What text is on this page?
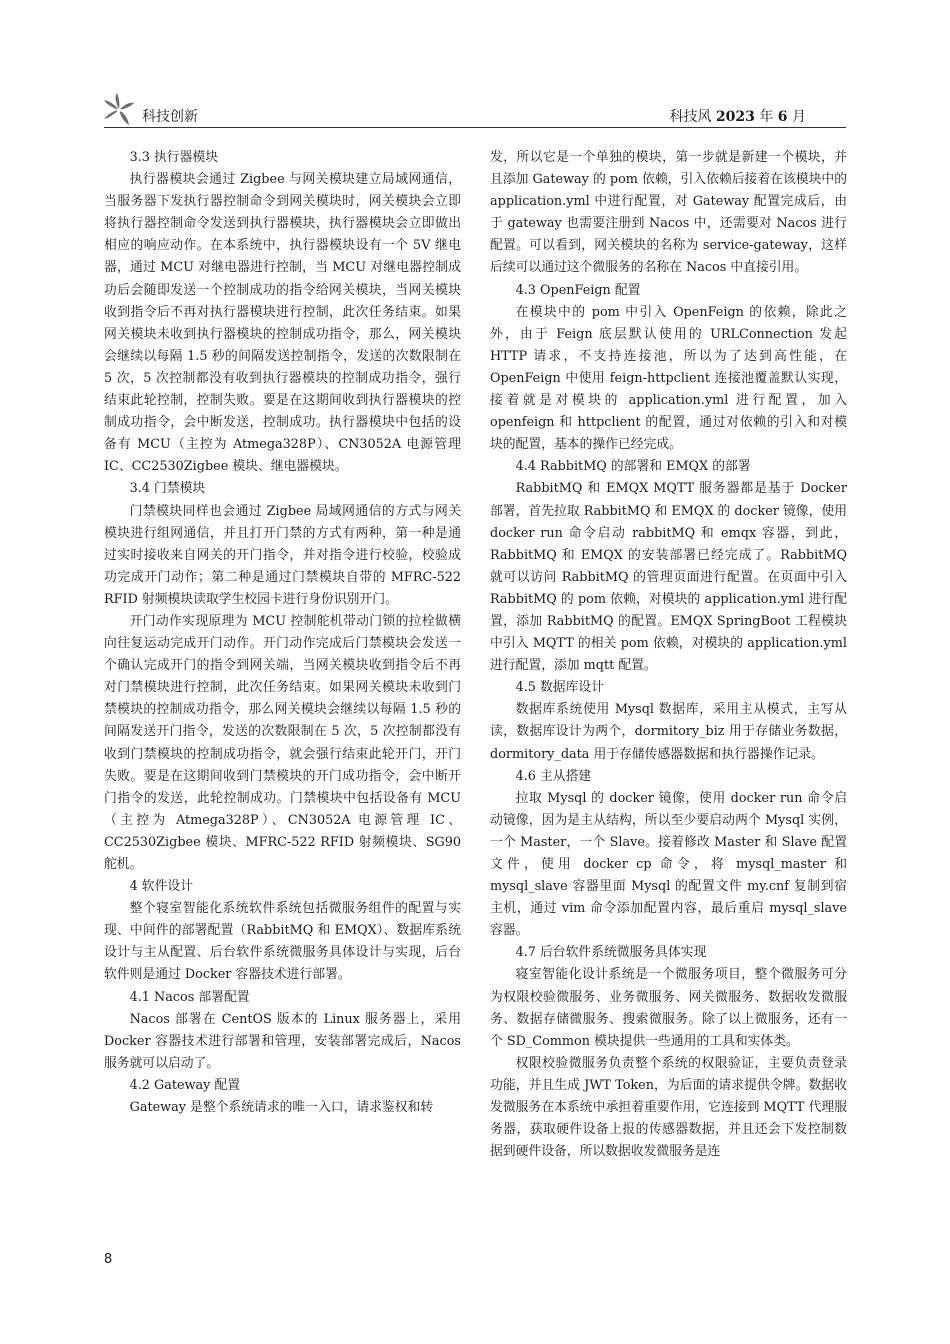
科技创新	科技风 2023 年 6 月

3.3 执行器模块

执行器模块会通过 Zigbee 与网关模块建立局域网通信，当服务器下发执行器控制命令到网关模块时，网关模块会立即将执行器控制命令发送到执行器模块，执行器模块会立即做出相应的响应动作。在本系统中，执行器模块设有一个 5V 继电器，通过 MCU 对继电器进行控制，当 MCU 对继电器控制成功后会随即发送一个控制成功的指令给网关模块，当网关模块收到指令后不再对执行器模块进行控制，此次任务结束。如果网关模块未收到执行器模块的控制成功指令，那么，网关模块会继续以每隔 1.5 秒的间隔发送控制指令，发送的次数限制在 5 次，5 次控制都没有收到执行器模块的控制成功指令，强行结束此轮控制，控制失败。要是在这期间收到执行器模块的控制成功指令，会中断发送，控制成功。执行器模块中包括的设备有 MCU（主控为 Atmega328P）、CN3052A 电源管理 IC、CC2530Zigbee 模块、继电器模块。

3.4 门禁模块

门禁模块同样也会通过 Zigbee 局域网通信的方式与网关模块进行组网通信，并且打开门禁的方式有两种，第一种是通过实时接收来自网关的开门指令，并对指令进行校验，校验成功完成开门动作；第二种是通过门禁模块自带的 MFRC-522 RFID 射频模块读取学生校园卡进行身份识别开门。

开门动作实现原理为 MCU 控制舵机带动门锁的拉栓做横向往复运动完成开门动作。开门动作完成后门禁模块会发送一个确认完成开门的指令到网关端，当网关模块收到指令后不再对门禁模块进行控制，此次任务结束。如果网关模块未收到门禁模块的控制成功指令，那么网关模块会继续以每隔 1.5 秒的间隔发送开门指令，发送的次数限制在 5 次，5 次控制都没有收到门禁模块的控制成功指令，就会强行结束此轮开门，开门失败。要是在这期间收到门禁模块的开门成功指令，会中断开门指令的发送，此轮控制成功。门禁模块中包括设备有 MCU（主控为 Atmega328P）、CN3052A 电源管理 IC、CC2530Zigbee 模块、MFRC-522 RFID 射频模块、SG90 舵机。

4 软件设计

整个寝室智能化系统软件系统包括微服务组件的配置与实现、中间件的部署配置（RabbitMQ 和 EMQX）、数据库系统设计与主从配置、后台软件系统微服务具体设计与实现，后台软件则是通过 Docker 容器技术进行部署。

4.1 Nacos 部署配置

Nacos 部署在 CentOS 版本的 Linux 服务器上，采用 Docker 容器技术进行部署和管理，安装部署完成后，Nacos 服务就可以启动了。

4.2 Gateway 配置

Gateway 是整个系统请求的唯一入口，请求鉴权和转

发，所以它是一个单独的模块，第一步就是新建一个模块，并且添加 Gateway 的 pom 依赖，引入依赖后接着在该模块中的 application.yml 中进行配置，对 Gateway 配置完成后，由于 gateway 也需要注册到 Nacos 中，还需要对 Nacos 进行配置。可以看到，网关模块的名称为 service-gateway，这样后续可以通过这个微服务的名称在 Nacos 中直接引用。

4.3 OpenFeign 配置

在模块中的 pom 中引入 OpenFeign 的依赖，除此之外，由于 Feign 底层默认使用的 URLConnection 发起 HTTP 请求，不支持连接池，所以为了达到高性能，在 OpenFeign 中使用 feign-httpclient 连接池覆盖默认实现，接着就是对模块的 application.yml 进行配置，加入 openfeign 和 httpclient 的配置，通过对依赖的引入和对模块的配置，基本的操作已经完成。

4.4 RabbitMQ 的部署和 EMQX 的部署

RabbitMQ 和 EMQX MQTT 服务器都是基于 Docker 部署，首先拉取 RabbitMQ 和 EMQX 的 docker 镜像，使用 docker run 命令启动 rabbitMQ 和 emqx 容器，到此，RabbitMQ 和 EMQX 的安装部署已经完成了。RabbitMQ 就可以访问 RabbitMQ 的管理页面进行配置。在页面中引入 RabbitMQ 的 pom 依赖，对模块的 application.yml 进行配置，添加 RabbitMQ 的配置。EMQX SpringBoot 工程模块中引入 MQTT 的相关 pom 依赖，对模块的 application.yml 进行配置，添加 mqtt 配置。

4.5 数据库设计

数据库系统使用 Mysql 数据库，采用主从模式，主写从读，数据库设计为两个，dormitory_biz 用于存储业务数据，dormitory_data 用于存储传感器数据和执行器操作记录。

4.6 主从搭建

拉取 Mysql 的 docker 镜像，使用 docker run 命令启动镜像，因为是主从结构，所以至少要启动两个 Mysql 实例，一个 Master，一个 Slave。接着修改 Master 和 Slave 配置文件，使用 docker cp 命令，将 mysql_master 和 mysql_slave 容器里面 Mysql 的配置文件 my.cnf 复制到宿主机，通过 vim 命令添加配置内容，最后重启 mysql_slave 容器。

4.7 后台软件系统微服务具体实现

寝室智能化设计系统是一个微服务项目，整个微服务可分为权限校验微服务、业务微服务、网关微服务、数据收发微服务、数据存储微服务、搜索微服务。除了以上微服务，还有一个 SD_Common 模块提供一些通用的工具和实体类。

权限校验微服务负责整个系统的权限验证，主要负责登录功能，并且生成 JWT Token，为后面的请求提供令牌。数据收发微服务在本系统中承担着重要作用，它连接到 MQTT 代理服务器，获取硬件设备上报的传感器数据，并且还会下发控制数据到硬件设备，所以数据收发微服务是连

8
